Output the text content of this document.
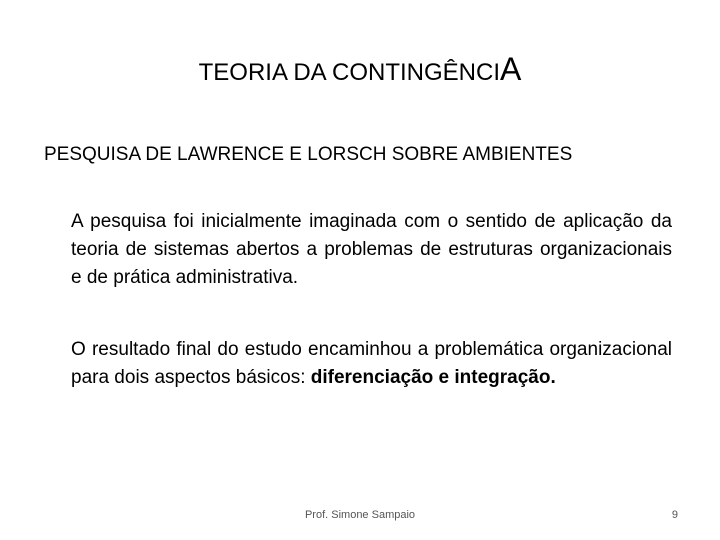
TEORIA DA CONTINGÊNCIA
PESQUISA DE LAWRENCE E LORSCH SOBRE AMBIENTES
A pesquisa foi inicialmente imaginada com o sentido de aplicação da teoria de sistemas abertos a problemas de estruturas organizacionais e de prática administrativa.
O resultado final do estudo encaminhou a problemática organizacional para dois aspectos básicos: diferenciação e integração.
Prof. Simone Sampaio	9
